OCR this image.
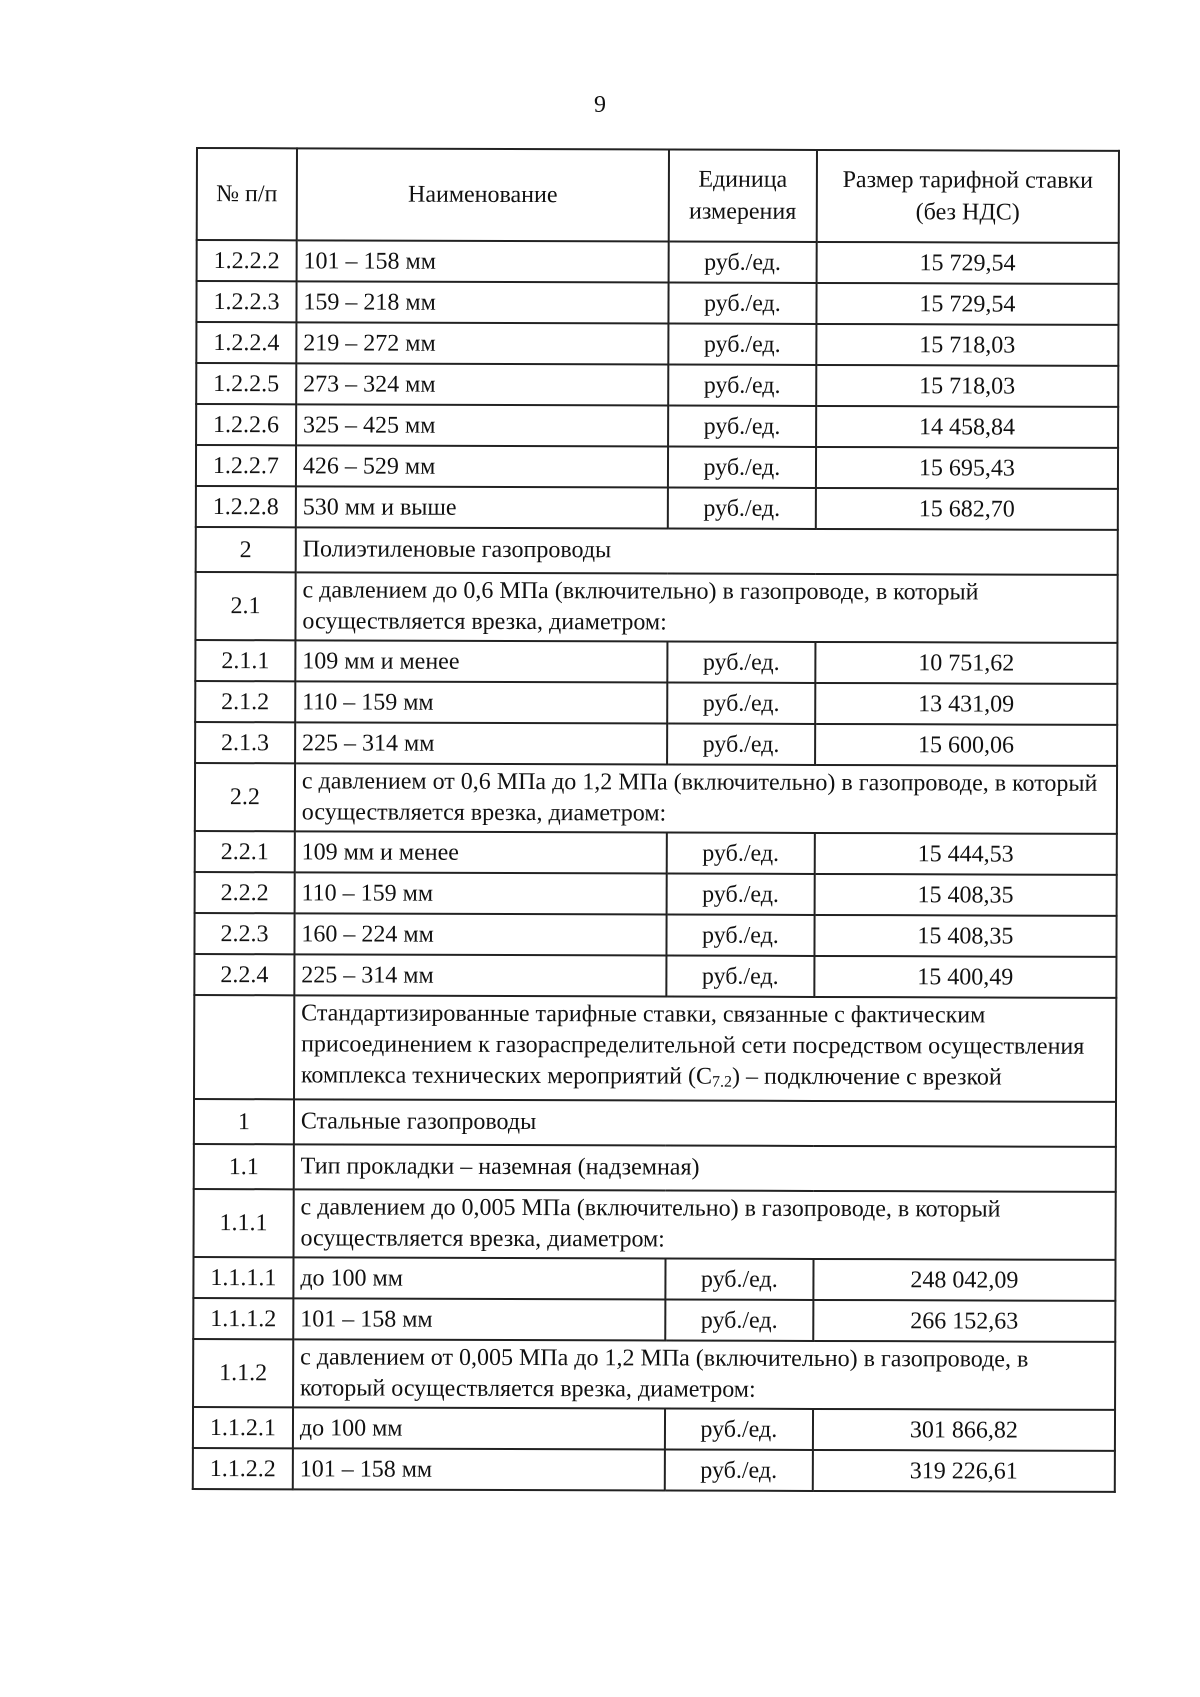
9
№ п/п	Наименование	Единица измерения	Размер тарифной ставки (без НДС)
1.2.2.2	101 – 158 мм	руб./ед.	15 729,54
1.2.2.3	159 – 218 мм	руб./ед.	15 729,54
1.2.2.4	219 – 272 мм	руб./ед.	15 718,03
1.2.2.5	273 – 324 мм	руб./ед.	15 718,03
1.2.2.6	325 – 425 мм	руб./ед.	14 458,84
1.2.2.7	426 – 529 мм	руб./ед.	15 695,43
1.2.2.8	530 мм и выше	руб./ед.	15 682,70
2	Полиэтиленовые газопроводы		
2.1	с давлением до 0,6 МПа (включительно) в газопроводе, в который осуществляется врезка, диаметром:		
2.1.1	109 мм и менее	руб./ед.	10 751,62
2.1.2	110 – 159 мм	руб./ед.	13 431,09
2.1.3	225 – 314 мм	руб./ед.	15 600,06
2.2	с давлением от 0,6 МПа до 1,2 МПа (включительно) в газопроводе, в который осуществляется врезка, диаметром:		
2.2.1	109 мм и менее	руб./ед.	15 444,53
2.2.2	110 – 159 мм	руб./ед.	15 408,35
2.2.3	160 – 224 мм	руб./ед.	15 408,35
2.2.4	225 – 314 мм	руб./ед.	15 400,49
	Стандартизированные тарифные ставки, связанные с фактическим присоединением к газораспределительной сети посредством осуществления комплекса технических мероприятий (С7.2) – подключение с врезкой		
1	Стальные газопроводы		
1.1	Тип прокладки – наземная (надземная)		
1.1.1	с давлением до 0,005 МПа (включительно) в газопроводе, в который осуществляется врезка, диаметром:		
1.1.1.1	до 100 мм	руб./ед.	248 042,09
1.1.1.2	101 – 158 мм	руб./ед.	266 152,63
1.1.2	с давлением от 0,005 МПа до 1,2 МПа (включительно) в газопроводе, в который осуществляется врезка, диаметром:		
1.1.2.1	до 100 мм	руб./ед.	301 866,82
1.1.2.2	101 – 158 мм	руб./ед.	319 226,61
